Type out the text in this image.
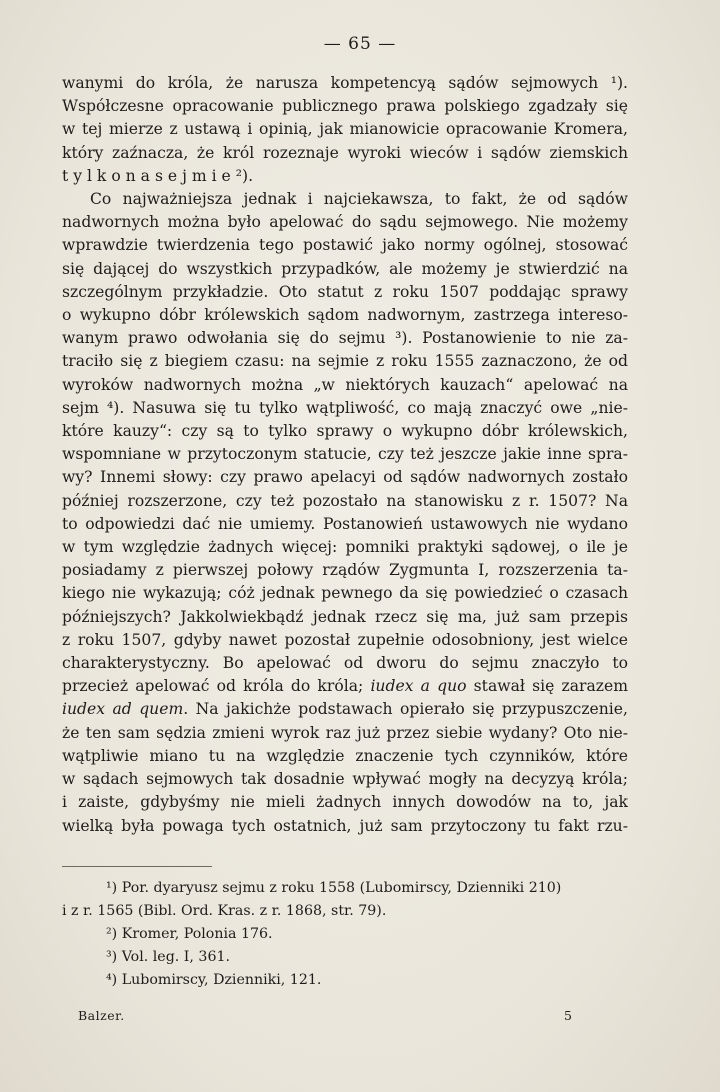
— 65 —
wanymi do króla, że narusza kompetencyą sądów sejmowych ¹).
Współczesne opracowanie publicznego prawa polskiego zgadzały się
w tej mierze z ustawą i opinią, jak mianowicie opracowanie Kromera,
który zaźnacza, że król rozeznaje wyroki wieców i sądów ziemskich
t y l k o n a s e j m i e ²).
Co najważniejsza jednak i najciekawsza, to fakt, że od sądów
nadwornych można było apelować do sądu sejmowego. Nie możemy
wprawdzie twierdzenia tego postawić jako normy ogólnej, stosować
się dającej do wszystkich przypadków, ale możemy je stwierdzić na
szczególnym przykładzie. Oto statut z roku 1507 poddając sprawy
o wykupno dóbr królewskich sądom nadwornym, zastrzega intereso-
wanym prawo odwołania się do sejmu ³). Postanowienie to nie za-
traciło się z biegiem czasu: na sejmie z roku 1555 zaznaczono, że od
wyroków nadwornych można „w niektórych kauzach“ apelować na
sejm ⁴). Nasuwa się tu tylko wątpliwość, co mają znaczyć owe „nie-
które kauzy“: czy są to tylko sprawy o wykupno dóbr królewskich,
wspomniane w przytoczonym statucie, czy też jeszcze jakie inne spra-
wy? Innemi słowy: czy prawo apelacyi od sądów nadwornych zostało
później rozszerzone, czy też pozostało na stanowisku z r. 1507? Na
to odpowiedzi dać nie umiemy. Postanowień ustawowych nie wydano
w tym względzie żadnych więcej: pomniki praktyki sądowej, o ile je
posiadamy z pierwszej połowy rządów Zygmunta I, rozszerzenia ta-
kiego nie wykazują; cóż jednak pewnego da się powiedzieć o czasach
późniejszych? Jakkolwiekbądź jednak rzecz się ma, już sam przepis
z roku 1507, gdyby nawet pozostał zupełnie odosobniony, jest wielce
charakterystyczny. Bo apelować od dworu do sejmu znaczyło to
przecież apelować od króla do króla; iudex a quo stawał się zarazem
iudex ad quem. Na jakichże podstawach opierało się przypuszczenie,
że ten sam sędzia zmieni wyrok raz już przez siebie wydany? Oto nie-
wątpliwie miano tu na względzie znaczenie tych czynników, które
w sądach sejmowych tak dosadnie wpływać mogły na decyzyą króla;
i zaiste, gdybyśmy nie mieli żadnych innych dowodów na to, jak
wielką była powaga tych ostatnich, już sam przytoczony tu fakt rzu-
¹) Por. dyaryusz sejmu z roku 1558 (Lubomirscy, Dzienniki 210)
i z r. 1565 (Bibl. Ord. Kras. z r. 1868, str. 79).
²) Kromer, Polonia 176.
³) Vol. leg. I, 361.
⁴) Lubomirscy, Dzienniki, 121.
Balzer.	5
